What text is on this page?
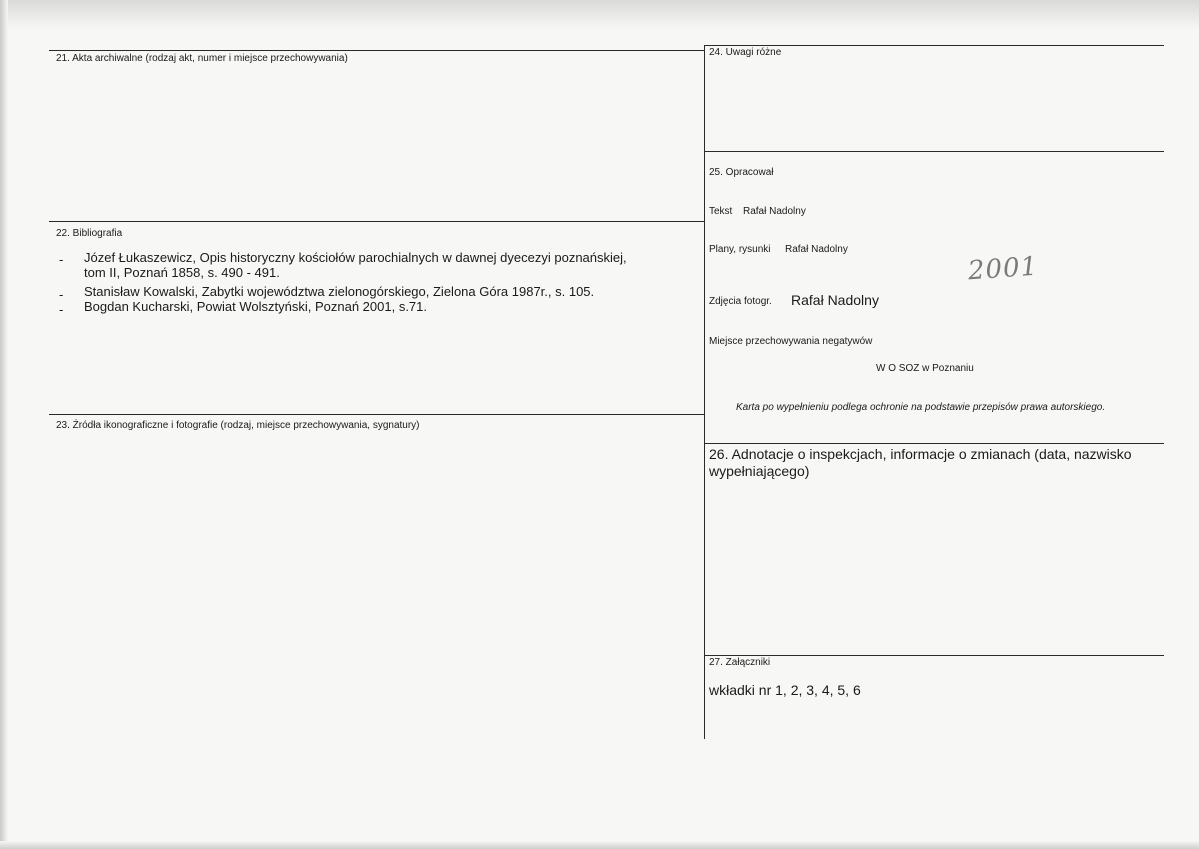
21. Akta archiwalne (rodzaj akt, numer i miejsce przechowywania)
22. Bibliografia
- Józef Łukaszewicz, Opis historyczny kościołów parochialnych w dawnej dyecezyi poznańskiej,
tom II, Poznań 1858, s. 490 - 491.
- Stanisław Kowalski, Zabytki województwa zielonogórskiego, Zielona Góra 1987r., s. 105.
- Bogdan Kucharski, Powiat Wolsztyński, Poznań 2001, s.71.
23. Źródła ikonograficzne i fotografie (rodzaj, miejsce przechowywania, sygnatury)
24. Uwagi różne
25. Opracował
Tekst Rafał Nadolny
Plany, rysunki Rafał Nadolny
Zdjęcia fotogr. Rafał Nadolny
2001
Miejsce przechowywania negatywów
W O SOZ w Poznaniu
Karta po wypełnieniu podlega ochronie na podstawie przepisów prawa autorskiego.
26. Adnotacje o inspekcjach, informacje o zmianach (data, nazwisko wypełniającego)
27. Załączniki
wkładki nr 1, 2, 3, 4, 5, 6
